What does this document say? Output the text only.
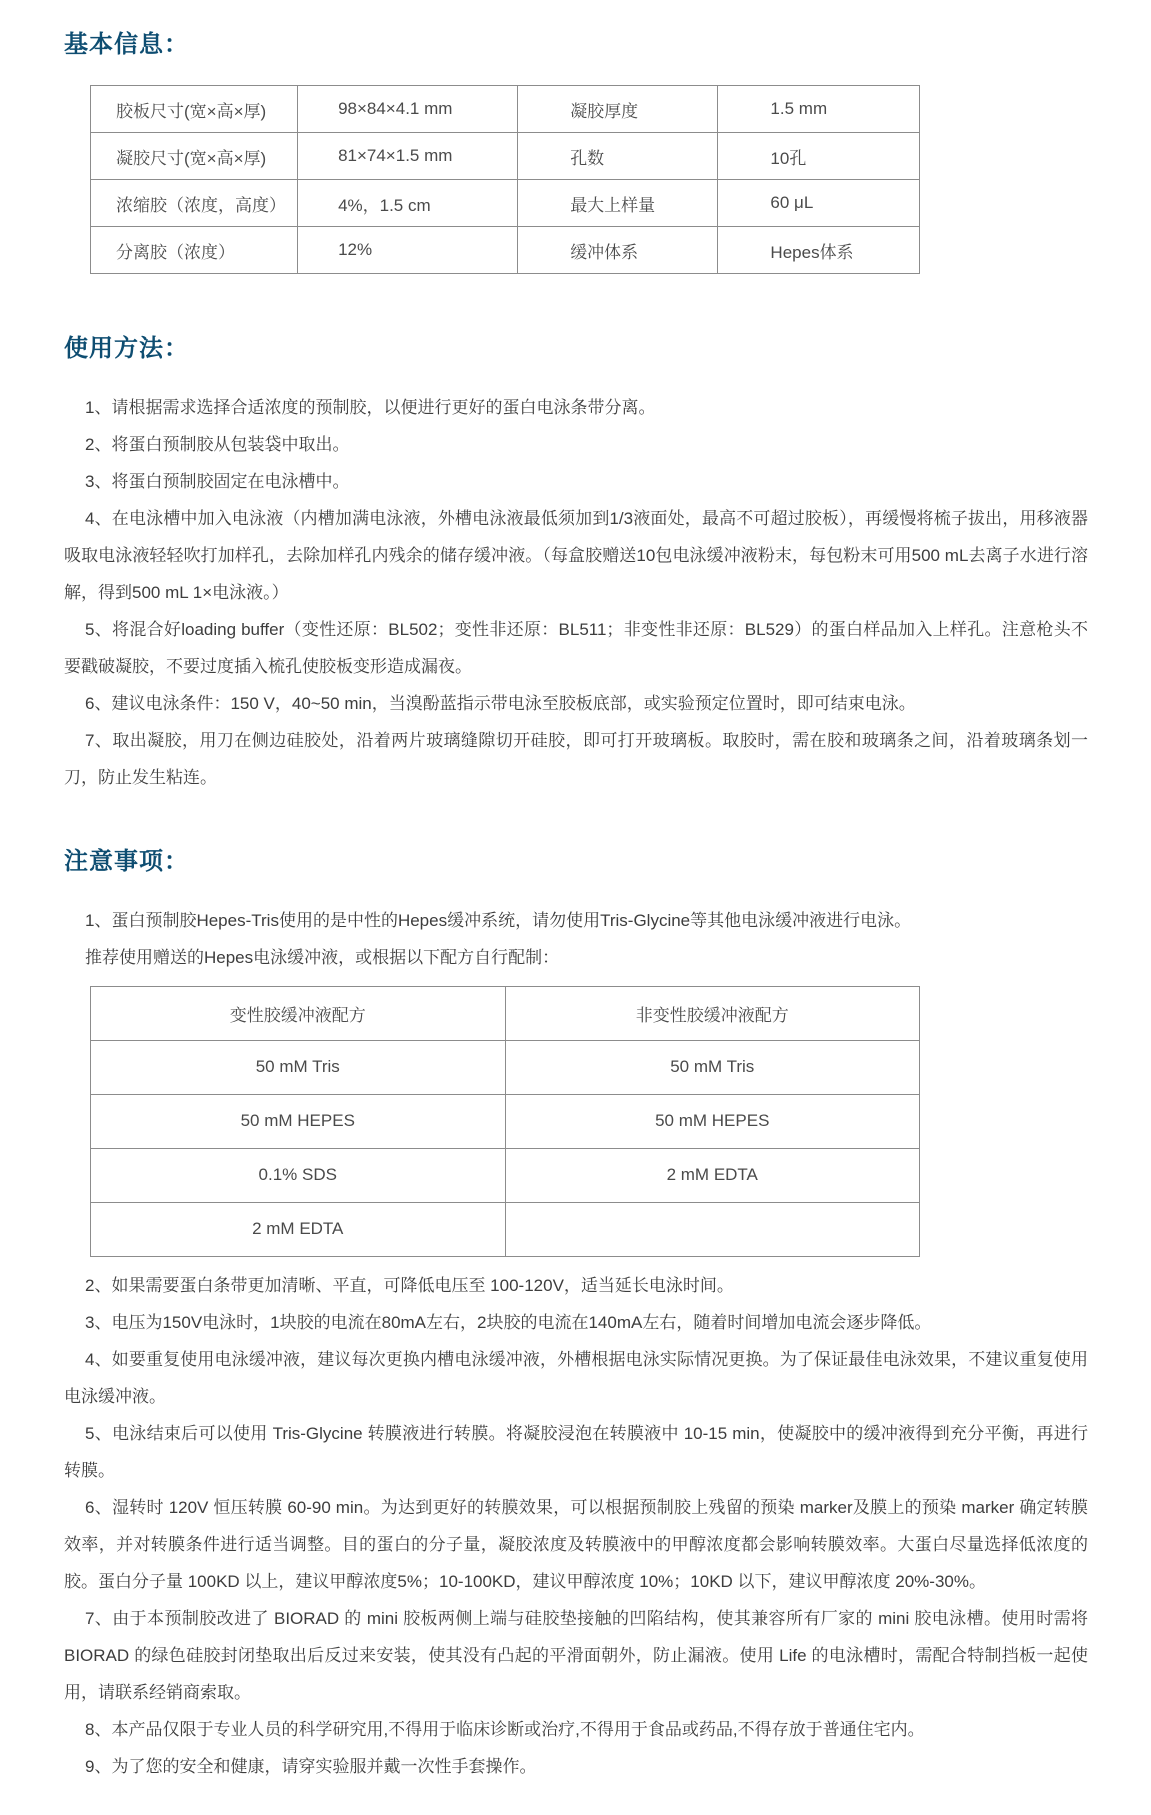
基本信息：
胶板尺寸(宽×高×厚)	98×84×4.1 mm	凝胶厚度	1.5 mm
凝胶尺寸(宽×高×厚)	81×74×1.5 mm	孔数	10孔
浓缩胶（浓度，高度）	4%，1.5 cm	最大上样量	60 μL
分离胶（浓度）	12%	缓冲体系	Hepes体系
使用方法：

1、请根据需求选择合适浓度的预制胶，以便进行更好的蛋白电泳条带分离。

2、将蛋白预制胶从包装袋中取出。

3、将蛋白预制胶固定在电泳槽中。

4、在电泳槽中加入电泳液（内槽加满电泳液，外槽电泳液最低须加到1/3液面处，最高不可超过胶板），再缓慢将梳子拔出，用移液器吸取电泳液轻轻吹打加样孔，去除加样孔内残余的储存缓冲液。（每盒胶赠送10包电泳缓冲液粉末，每包粉末可用500 mL去离子水进行溶解，得到500 mL 1×电泳液。）

5、将混合好loading buffer（变性还原：BL502；变性非还原：BL511；非变性非还原：BL529）的蛋白样品加入上样孔。注意枪头不要戳破凝胶，不要过度插入梳孔使胶板变形造成漏夜。

6、建议电泳条件：150 V，40~50 min，当溴酚蓝指示带电泳至胶板底部，或实验预定位置时，即可结束电泳。

7、取出凝胶，用刀在侧边硅胶处，沿着两片玻璃缝隙切开硅胶，即可打开玻璃板。取胶时，需在胶和玻璃条之间，沿着玻璃条划一刀，防止发生粘连。

注意事项：

1、蛋白预制胶Hepes-Tris使用的是中性的Hepes缓冲系统，请勿使用Tris-Glycine等其他电泳缓冲液进行电泳。

推荐使用赠送的Hepes电泳缓冲液，或根据以下配方自行配制：

变性胶缓冲液配方	非变性胶缓冲液配方
50 mM Tris	50 mM Tris
50 mM HEPES	50 mM HEPES
0.1% SDS	2 mM EDTA
2 mM EDTA	

2、如果需要蛋白条带更加清晰、平直，可降低电压至 100-120V，适当延长电泳时间。

3、电压为150V电泳时，1块胶的电流在80mA左右，2块胶的电流在140mA左右，随着时间增加电流会逐步降低。

4、如要重复使用电泳缓冲液，建议每次更换内槽电泳缓冲液，外槽根据电泳实际情况更换。为了保证最佳电泳效果，不建议重复使用电泳缓冲液。

5、电泳结束后可以使用 Tris-Glycine 转膜液进行转膜。将凝胶浸泡在转膜液中 10-15 min，使凝胶中的缓冲液得到充分平衡，再进行转膜。

6、湿转时 120V 恒压转膜 60-90 min。为达到更好的转膜效果，可以根据预制胶上残留的预染 marker及膜上的预染 marker 确定转膜效率，并对转膜条件进行适当调整。目的蛋白的分子量，凝胶浓度及转膜液中的甲醇浓度都会影响转膜效率。大蛋白尽量选择低浓度的胶。蛋白分子量 100KD 以上，建议甲醇浓度5%；10-100KD，建议甲醇浓度 10%；10KD 以下，建议甲醇浓度 20%-30%。

7、由于本预制胶改进了 BIORAD 的 mini 胶板两侧上端与硅胶垫接触的凹陷结构，使其兼容所有厂家的 mini 胶电泳槽。使用时需将 BIORAD 的绿色硅胶封闭垫取出后反过来安装，使其没有凸起的平滑面朝外，防止漏液。使用 Life 的电泳槽时，需配合特制挡板一起使用，请联系经销商索取。

8、本产品仅限于专业人员的科学研究用,不得用于临床诊断或治疗,不得用于食品或药品,不得存放于普通住宅内。

9、为了您的安全和健康，请穿实验服并戴一次性手套操作。
